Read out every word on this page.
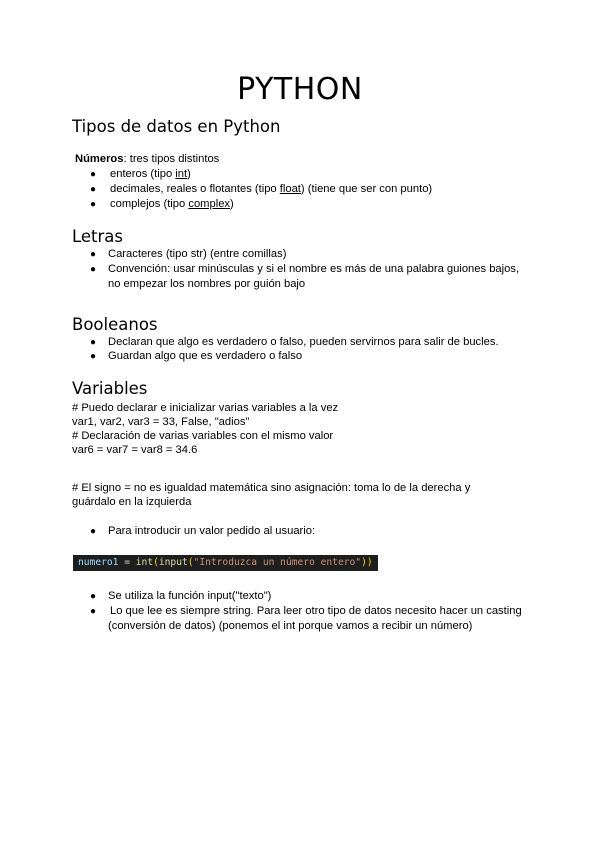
PYTHON
Tipos de datos en Python
Números: tres tipos distintos
● enteros (tipo int)
● decimales, reales o flotantes (tipo float) (tiene que ser con punto)
● complejos (tipo complex)
Letras
● Caracteres (tipo str) (entre comillas)
● Convención: usar minúsculas y si el nombre es más de una palabra guiones bajos,
no empezar los nombres por guión bajo
Booleanos
● Declaran que algo es verdadero o falso, pueden servirnos para salir de bucles.
● Guardan algo que es verdadero o falso
Variables
# Puedo declarar e inicializar varias variables a la vez
var1, var2, var3 = 33, False, "adios"
# Declaración de varias variables con el mismo valor
var6 = var7 = var8 = 34.6
# El signo = no es igualdad matemática sino asignación: toma lo de la derecha y
guárdalo en la izquierda
● Para introducir un valor pedido al usuario:
numero1 = int(input("Introduzca un número entero"))
● Se utiliza la función input("texto")
● Lo que lee es siempre string. Para leer otro tipo de datos necesito hacer un casting
(conversión de datos) (ponemos el int porque vamos a recibir un número)
